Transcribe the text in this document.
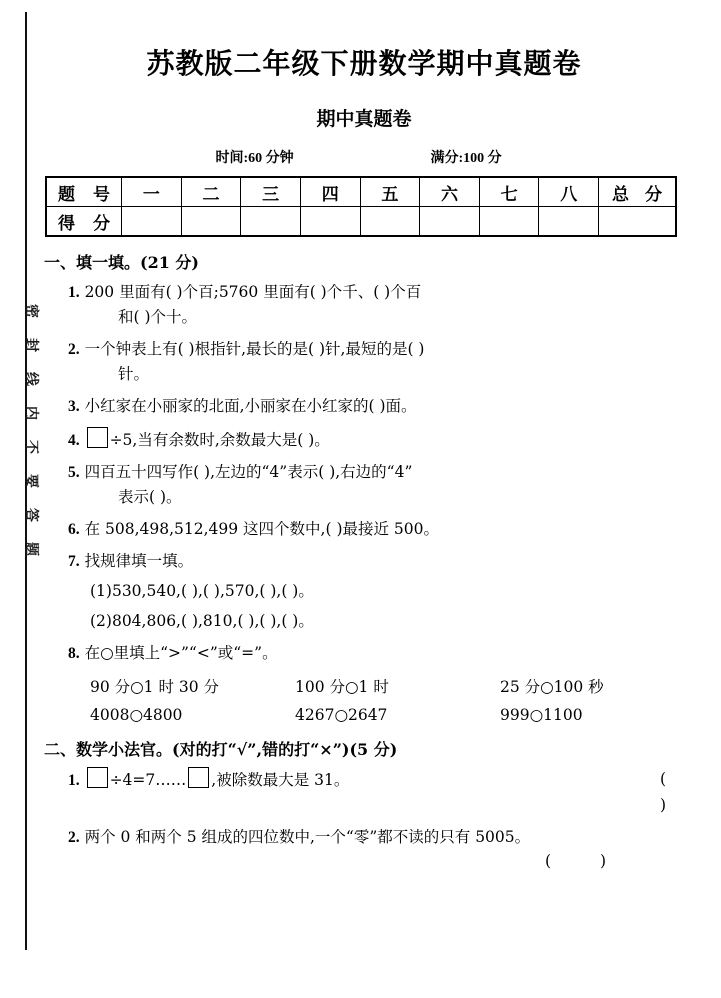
密封线内不要答题
苏教版二年级下册数学期中真题卷
期中真题卷
时间:60 分钟	满分:100 分
题 号	一	二	三	四	五	六	七	八	总 分
得 分									
一、填一填。(21 分)
1. 200 里面有( )个百;5760 里面有( )个千、( )个百
和( )个十。
2. 一个钟表上有( )根指针,最长的是( )针,最短的是( )
针。
3. 小红家在小丽家的北面,小丽家在小红家的( )面。
4. ÷5,当有余数时,余数最大是( )。
5. 四百五十四写作( ),左边的“4”表示( ),右边的“4”
表示( )。
6. 在 508,498,512,499 这四个数中,( )最接近 500。
7. 找规律填一填。
(1)530,540,( ),( ),570,( ),( )。
(2)804,806,( ),810,( ),( ),( )。
8. 在○里填上“>”“<”或“=”。
90 分○1 时 30 分	100 分○1 时	25 分○100 秒
4008○4800	4267○2647	999○1100
二、数学小法官。(对的打“√”,错的打“×”)(5 分)
1. ÷4=7…… ,被除数最大是 31。	( )
2. 两个 0 和两个 5 组成的四位数中,一个“零”都不读的只有 5005。
( )
